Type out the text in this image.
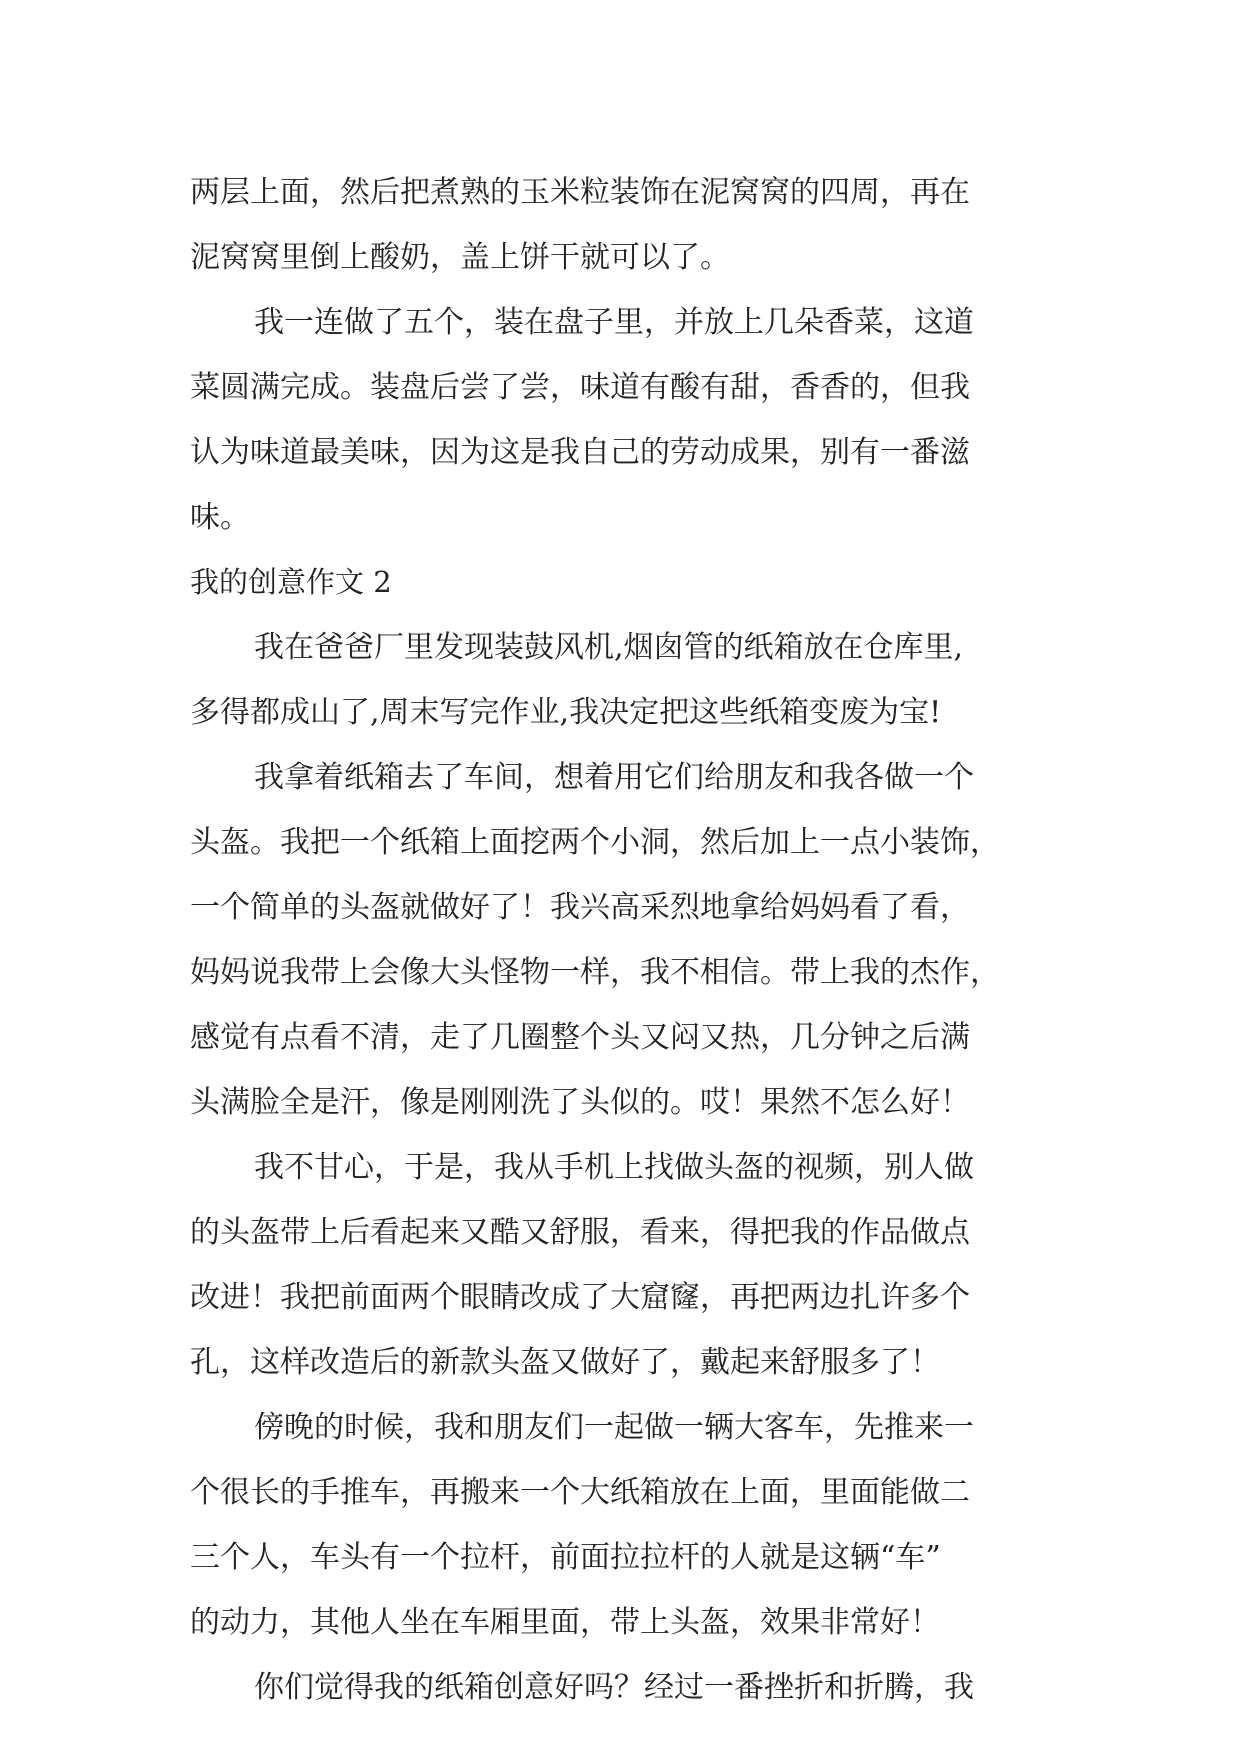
两层上面，然后把煮熟的玉米粒装饰在泥窝窝的四周，再在
泥窝窝里倒上酸奶，盖上饼干就可以了。
我一连做了五个，装在盘子里，并放上几朵香菜，这道
菜圆满完成。装盘后尝了尝，味道有酸有甜，香香的，但我
认为味道最美味，因为这是我自己的劳动成果，别有一番滋
味。
我的创意作文 2
我在爸爸厂里发现装鼓风机,烟囱管的纸箱放在仓库里,
多得都成山了,周末写完作业,我决定把这些纸箱变废为宝!
我拿着纸箱去了车间，想着用它们给朋友和我各做一个
头盔。我把一个纸箱上面挖两个小洞，然后加上一点小装饰，
一个简单的头盔就做好了！我兴高采烈地拿给妈妈看了看，
妈妈说我带上会像大头怪物一样，我不相信。带上我的杰作，
感觉有点看不清，走了几圈整个头又闷又热，几分钟之后满
头满脸全是汗，像是刚刚洗了头似的。哎！果然不怎么好！
我不甘心，于是，我从手机上找做头盔的视频，别人做
的头盔带上后看起来又酷又舒服，看来，得把我的作品做点
改进！我把前面两个眼睛改成了大窟窿，再把两边扎许多个
孔，这样改造后的新款头盔又做好了，戴起来舒服多了！
傍晚的时候，我和朋友们一起做一辆大客车，先推来一
个很长的手推车，再搬来一个大纸箱放在上面，里面能做二
三个人，车头有一个拉杆，前面拉拉杆的人就是这辆“车”
的动力，其他人坐在车厢里面，带上头盔，效果非常好！
你们觉得我的纸箱创意好吗？经过一番挫折和折腾，我
